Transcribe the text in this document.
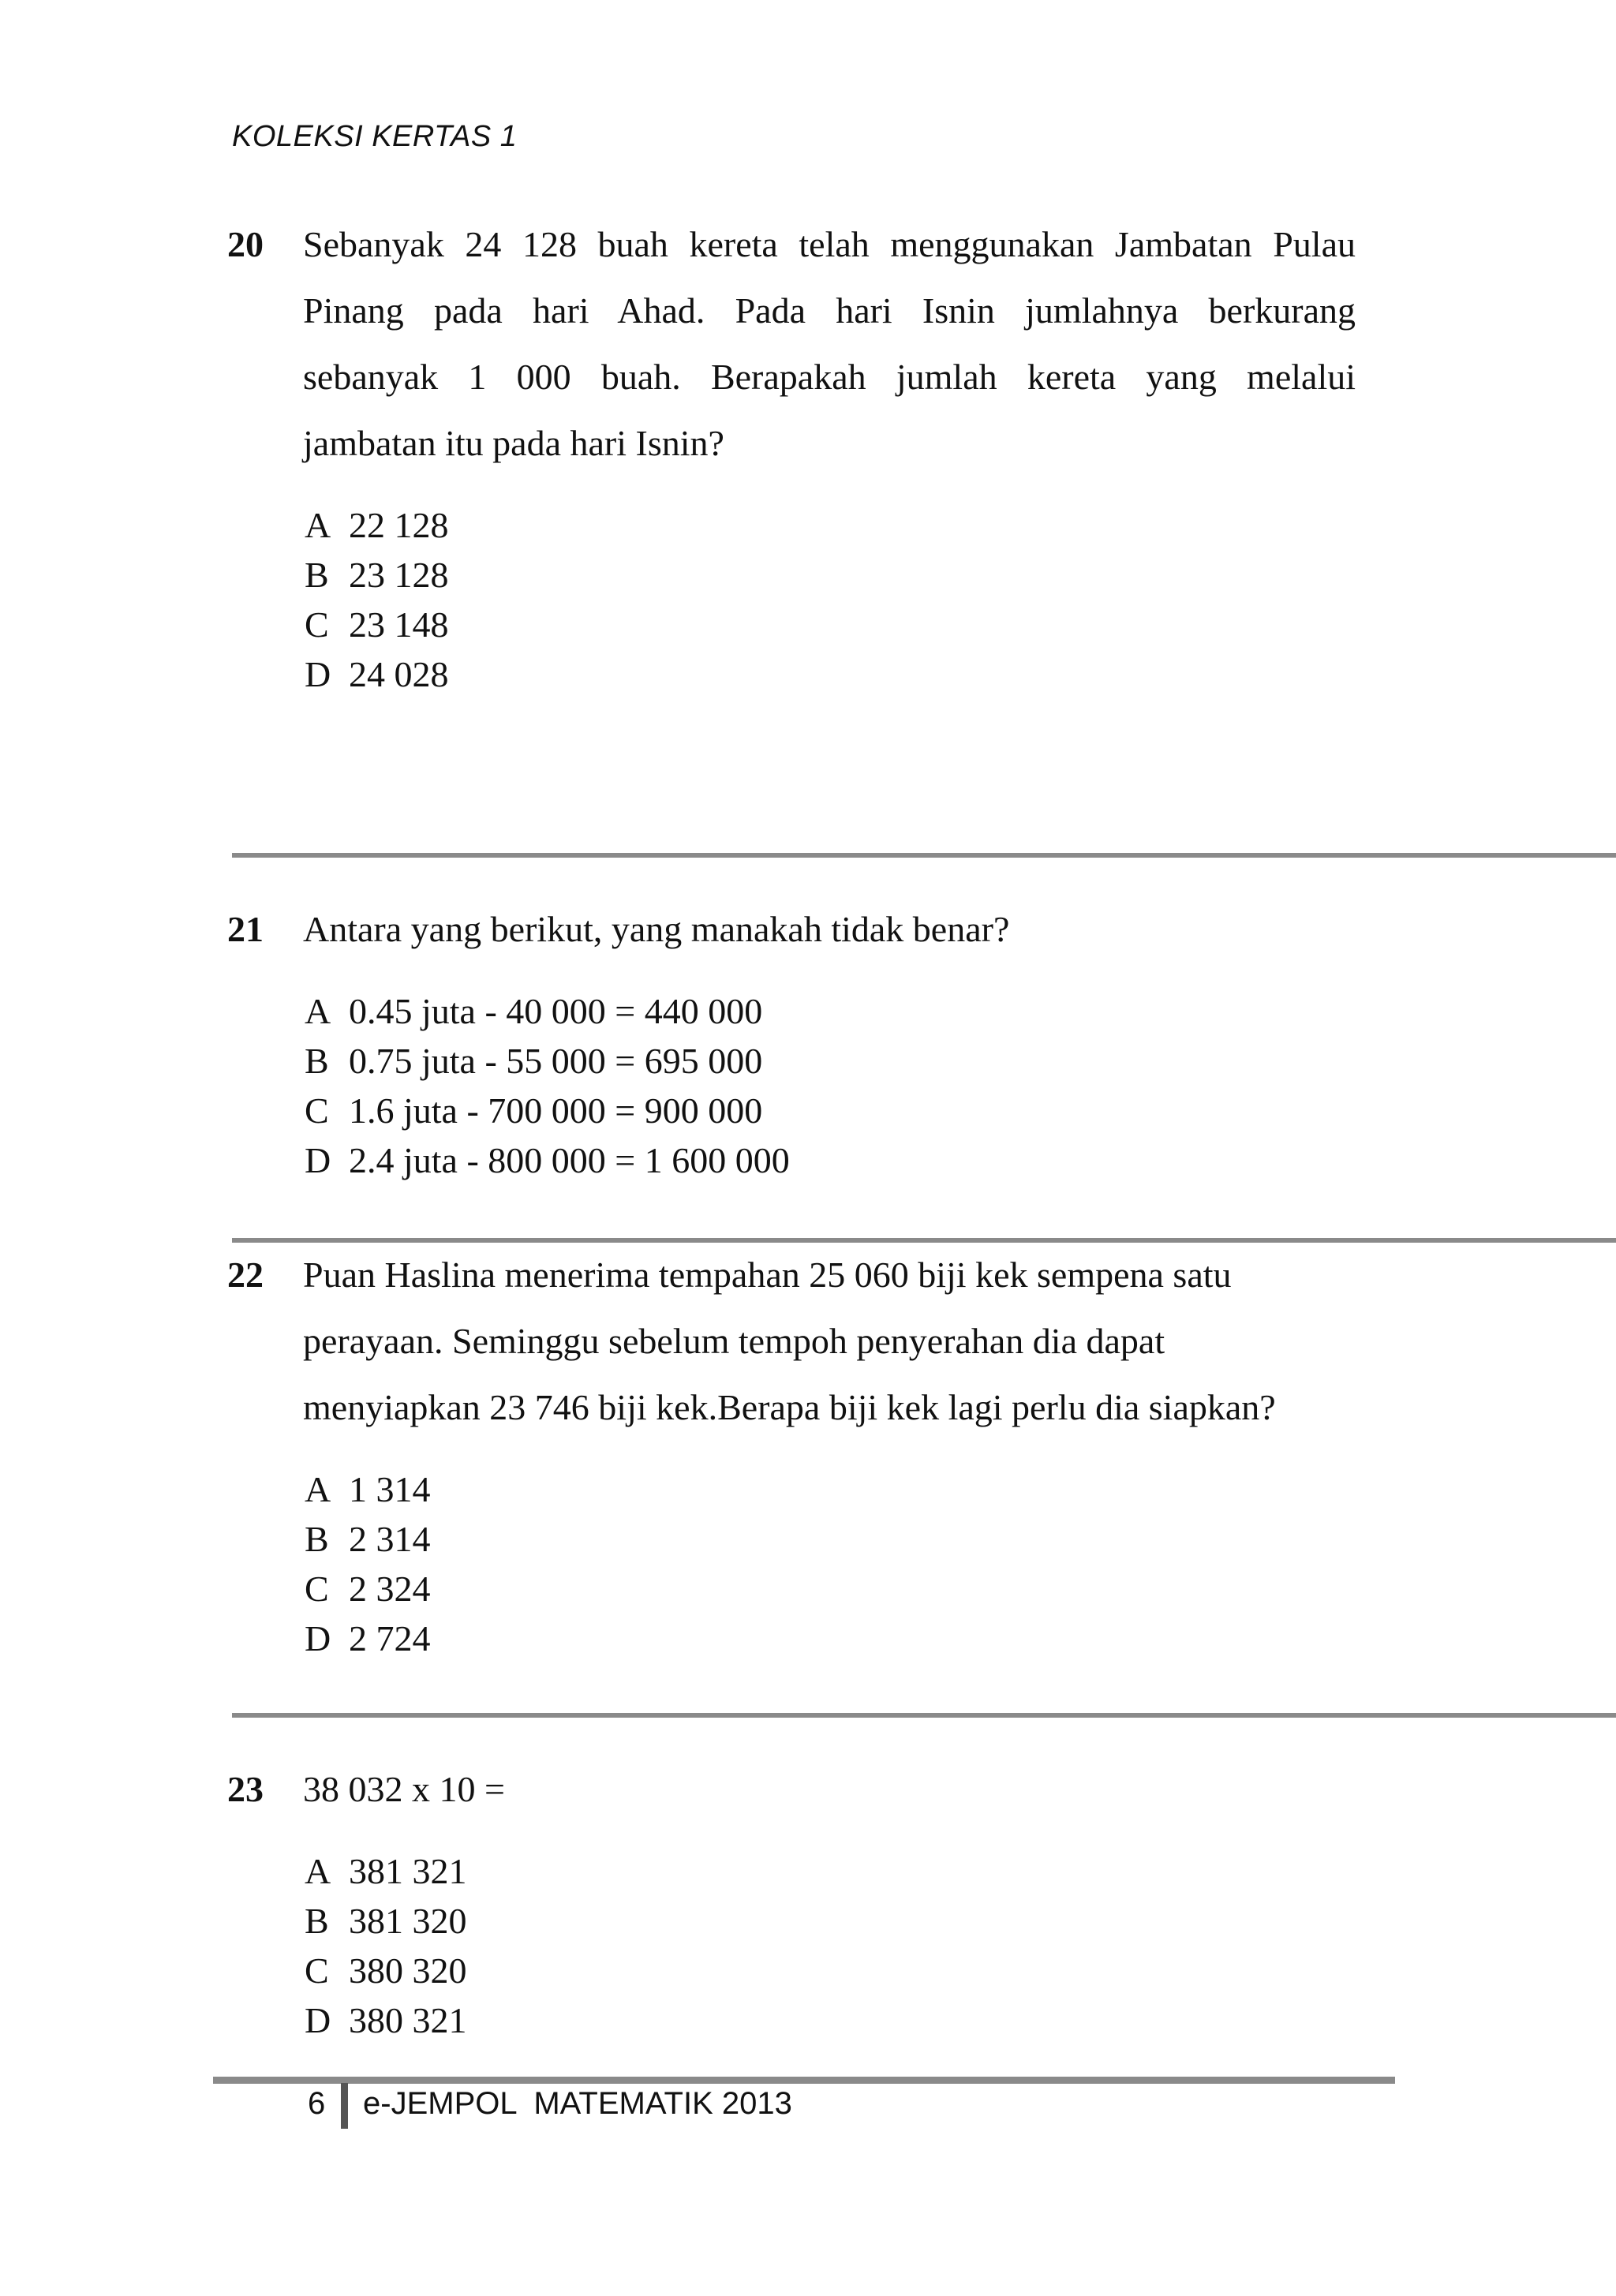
KOLEKSI KERTAS 1
20 Sebanyak 24 128 buah kereta telah menggunakan Jambatan Pulau
Pinang pada hari Ahad. Pada hari Isnin jumlahnya berkurang
sebanyak 1 000 buah. Berapakah jumlah kereta yang melalui
jambatan itu pada hari Isnin?
A 22 128
B 23 128
C 23 148
D 24 028
21 Antara yang berikut, yang manakah tidak benar?
A 0.45 juta - 40 000 = 440 000
B 0.75 juta - 55 000 = 695 000
C 1.6 juta - 700 000 = 900 000
D 2.4 juta - 800 000 = 1 600 000
22 Puan Haslina menerima tempahan 25 060 biji kek sempena satu
perayaan. Seminggu sebelum tempoh penyerahan dia dapat
menyiapkan 23 746 biji kek.Berapa biji kek lagi perlu dia siapkan?
A 1 314
B 2 314
C 2 324
D 2 724
23 38 032 x 10 =
A 381 321
B 381 320
C 380 320
D 380 321
6 e-JEMPOL  MATEMATIK 2013
